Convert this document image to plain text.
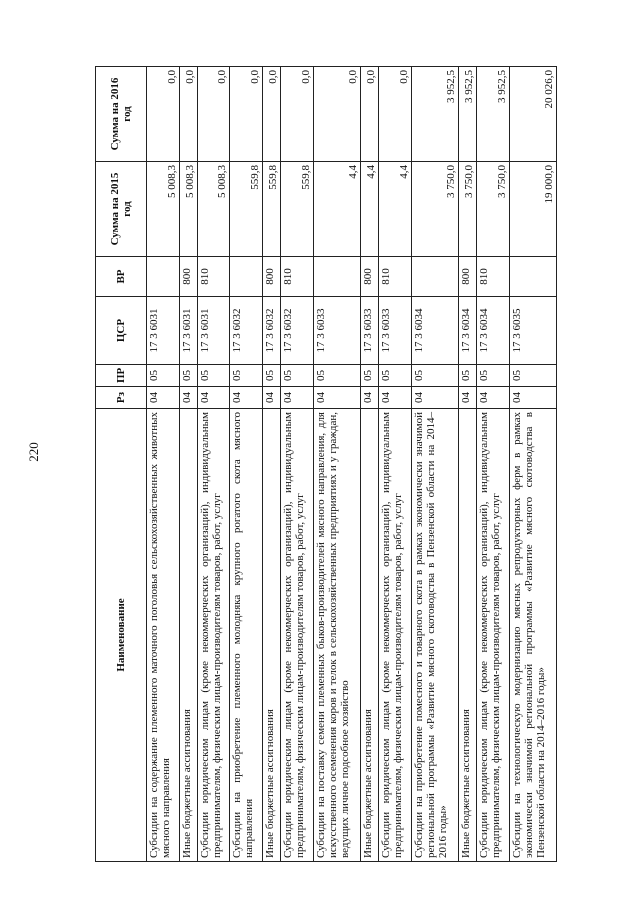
220
Наименование	Рз	ПР	ЦСР	ВР	Сумма на 2015 год	Сумма на 2016 год
Субсидии на содержание племенного маточного поголовья сельскохозяйственных животных мясного направления	04	05	17 3 6031		5 008,3	0,0
Иные бюджетные ассигнования	04	05	17 3 6031	800	5 008,3	0,0
Субсидии юридическим лицам (кроме некоммерческих организаций), индивидуальным предпринимателям, физическим лицам-производителям товаров, работ, услуг	04	05	17 3 6031	810	5 008,3	0,0
Субсидии на приобретение племенного молодняка крупного рогатого скота мясного направления	04	05	17 3 6032		559,8	0,0
Иные бюджетные ассигнования	04	05	17 3 6032	800	559,8	0,0
Субсидии юридическим лицам (кроме некоммерческих организаций), индивидуальным предпринимателям, физическим лицам-производителям товаров, работ, услуг	04	05	17 3 6032	810	559,8	0,0
Субсидии на поставку семени племенных быков-производителей мясного направления, для искусственного осеменения коров и телок в сельскохозяйственных предприятиях и у граждан, ведущих личное подсобное хозяйство	04	05	17 3 6033		4,4	0,0
Иные бюджетные ассигнования	04	05	17 3 6033	800	4,4	0,0
Субсидии юридическим лицам (кроме некоммерческих организаций), индивидуальным предпринимателям, физическим лицам-производителям товаров, работ, услуг	04	05	17 3 6033	810	4,4	0,0
Субсидии на приобретение помесного и товарного скота в рамках экономически значимой региональной программы «Развитие мясного скотоводства в Пензенской области на 2014–2016 годы»	04	05	17 3 6034		3 750,0	3 952,5
Иные бюджетные ассигнования	04	05	17 3 6034	800	3 750,0	3 952,5
Субсидии юридическим лицам (кроме некоммерческих организаций), индивидуальным предпринимателям, физическим лицам-производителям товаров, работ, услуг	04	05	17 3 6034	810	3 750,0	3 952,5
Субсидии на технологическую модернизацию мясных репродукторных ферм в рамках экономически значимой региональной программы «Развитие мясного скотоводства в Пензенской области на 2014–2016 годы»	04	05	17 3 6035		19 000,0	20 026,0
